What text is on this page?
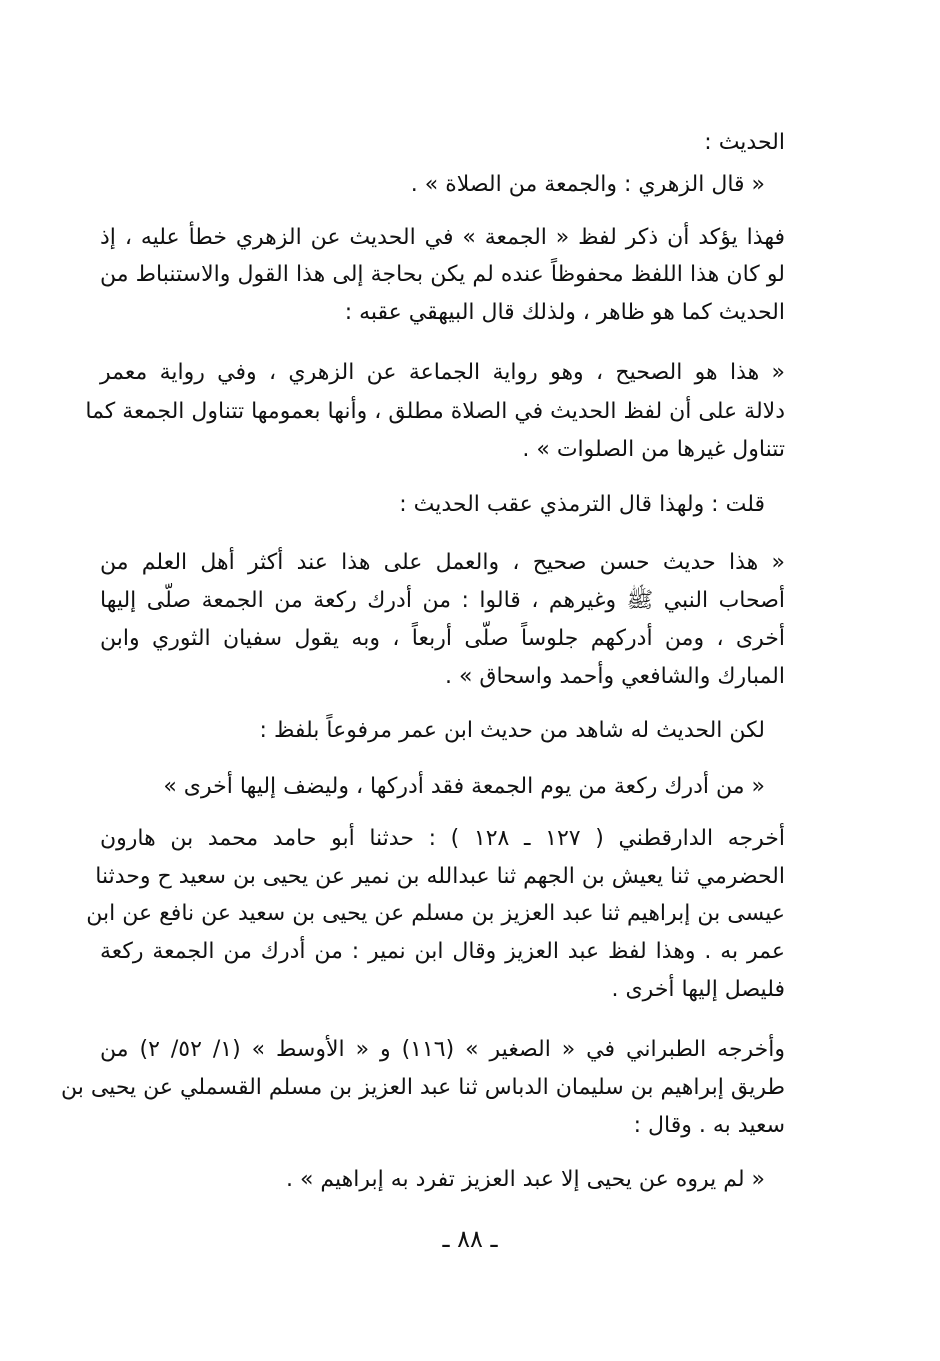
الحديث :
« قال الزهري : والجمعة من الصلاة » .
فهذا يؤكد أن ذكر لفظ « الجمعة » في الحديث عن الزهري خطأ عليه ، إذ
لو كان هذا اللفظ محفوظاً عنده لم يكن بحاجة إلى هذا القول والاستنباط من
الحديث كما هو ظاهر ، ولذلك قال البيهقي عقبه :
« هذا هو الصحيح ، وهو رواية الجماعة عن الزهري ، وفي رواية معمر
دلالة على أن لفظ الحديث في الصلاة مطلق ، وأنها بعمومها تتناول الجمعة كما
تتناول غيرها من الصلوات » .
قلت : ولهذا قال الترمذي عقب الحديث :
« هذا حديث حسن صحيح ، والعمل على هذا عند أكثر أهل العلم من
أصحاب النبي ﷺ وغيرهم ، قالوا : من أدرك ركعة من الجمعة صلّى إليها
أخرى ، ومن أدركهم جلوساً صلّى أربعاً ، وبه يقول سفيان الثوري وابن
المبارك والشافعي وأحمد واسحاق » .
لكن الحديث له شاهد من حديث ابن عمر مرفوعاً بلفظ :
« من أدرك ركعة من يوم الجمعة فقد أدركها ، وليضف إليها أخرى »
أخرجه الدارقطني ( ١٢٧ ـ ١٢٨ ) : حدثنا أبو حامد محمد بن هارون
الحضرمي ثنا يعيش بن الجهم ثنا عبدالله بن نمير عن يحيى بن سعيد ح وحدثنا
عيسى بن إبراهيم ثنا عبد العزيز بن مسلم عن يحيى بن سعيد عن نافع عن ابن
عمر به . وهذا لفظ عبد العزيز وقال ابن نمير : من أدرك من الجمعة ركعة
فليصل إليها أخرى .
وأخرجه الطبراني في « الصغير » (١١٦) و « الأوسط » (١/ ٥٢/ ٢) من
طريق إبراهيم بن سليمان الدباس ثنا عبد العزيز بن مسلم القسملي عن يحيى بن
سعيد به . وقال :
« لم يروه عن يحيى إلا عبد العزيز تفرد به إبراهيم » .
ـ ٨٨ ـ
